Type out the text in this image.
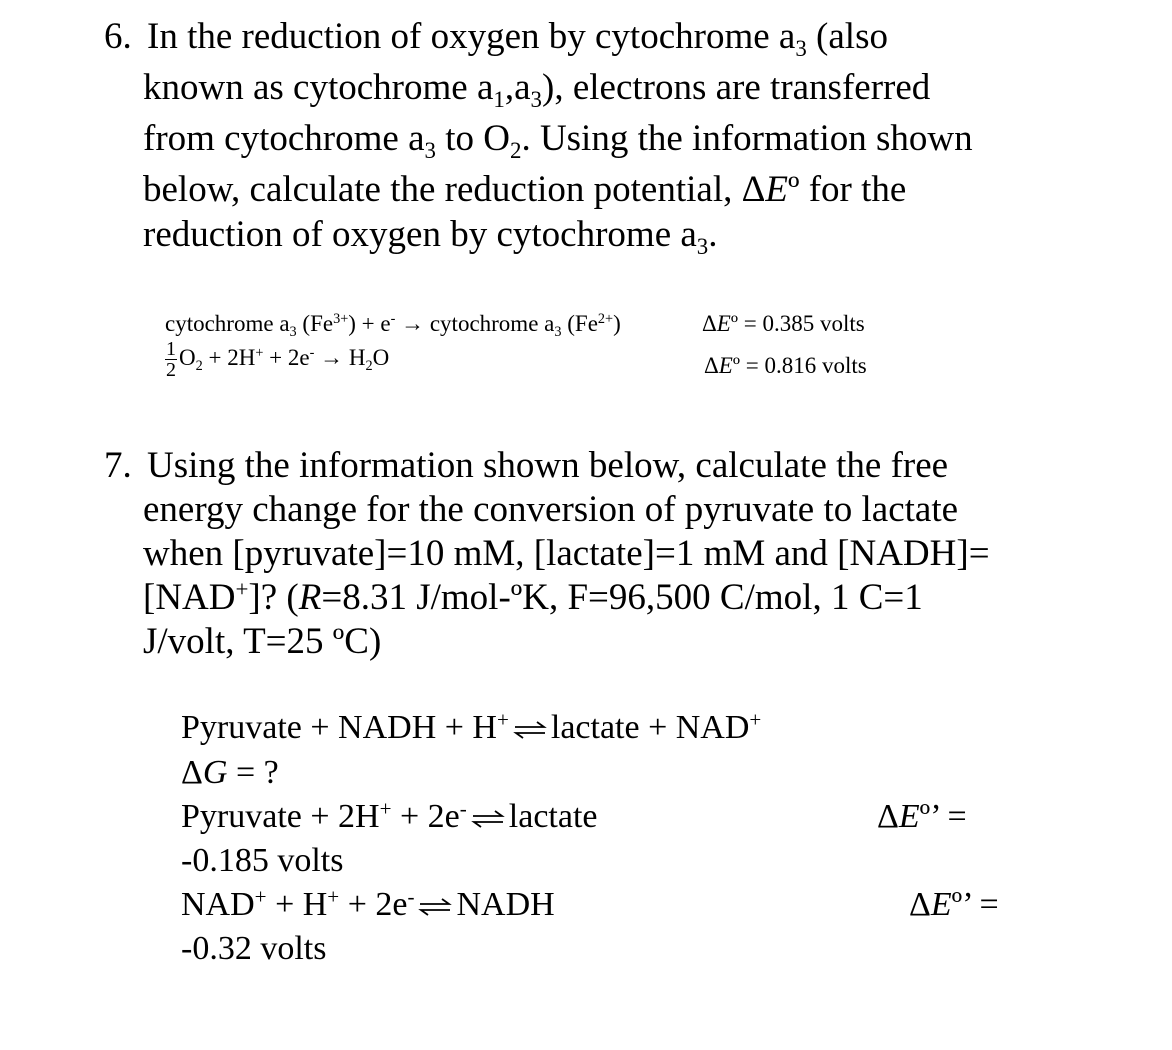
6. In the reduction of oxygen by cytochrome $a_3$ (also
known as cytochrome $a_1,a_3$), electrons are transferred
from cytochrome $a_3$ to $O_2$. Using the information shown
below, calculate the reduction potential, ΔEº for the
reduction of oxygen by cytochrome $a_3$.
cytochrome $a_3$ $(Fe^{3+}) + e^-$ → cytochrome $a_3$ $(Fe^{2+})$	ΔEº = 0.385 volts
$\frac{1}{2} O_2 + 2H^+ + 2e^- \to H_2O$	ΔEº = 0.816 volts
7. Using the information shown below, calculate the free
energy change for the conversion of pyruvate to lactate
when [pyruvate]=10 mM, [lactate]=1 mM and [NADH]=
[NAD+]? (R=8.31 J/mol-ºK, F=96,500 C/mol, 1 C=1
J/volt, T=25 ºC)
Pyruvate + NADH + H+ ⇌ lactate + NAD+
ΔG = ?
Pyruvate + 2H+ + 2e- ⇌ lactate	ΔEº’ =
-0.185 volts
NAD+ + H+ + 2e- ⇌ NADH	ΔEº’ =
-0.32 volts
